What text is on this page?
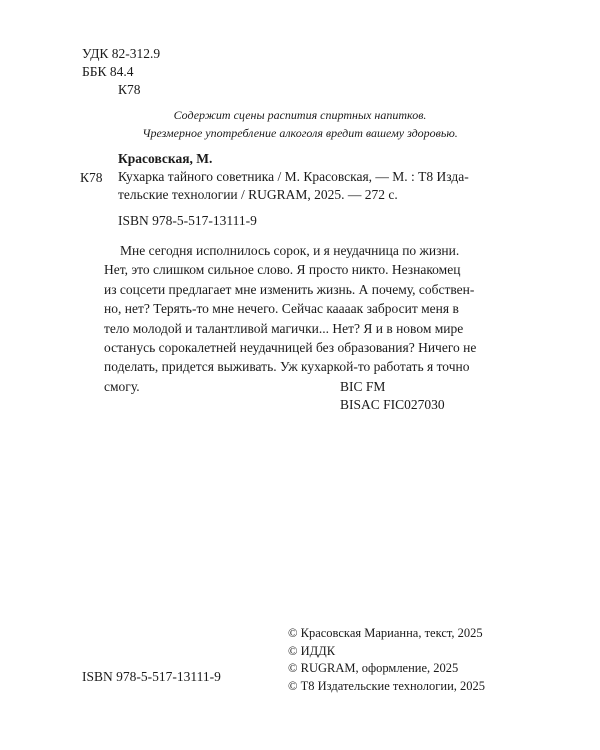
УДК 82-312.9
ББК 84.4
К78
Содержит сцены распития спиртных напитков.
Чрезмерное употребление алкоголя вредит вашему здоровью.
Красовская, М.
К78 Кухарка тайного советника / М. Красовская, — М. : Т8 Изда-
тельские технологии / RUGRAM, 2025. — 272 с.
ISBN 978-5-517-13111-9
Мне сегодня исполнилось сорок, и я неудачница по жизни.
Нет, это слишком сильное слово. Я просто никто. Незнакомец
из соцсети предлагает мне изменить жизнь. А почему, собствен-
но, нет? Терять-то мне нечего. Сейчас каааак забросит меня в
тело молодой и талантливой магички... Нет? Я и в новом мире
останусь сорокалетней неудачницей без образования? Ничего не
поделать, придется выживать. Уж кухаркой-то работать я точно
смогу.	BIC FM
BISAC FIC027030
© Красовская Марианна, текст, 2025
© ИДДК
© RUGRAM, оформление, 2025
© Т8 Издательские технологии, 2025
ISBN 978-5-517-13111-9
